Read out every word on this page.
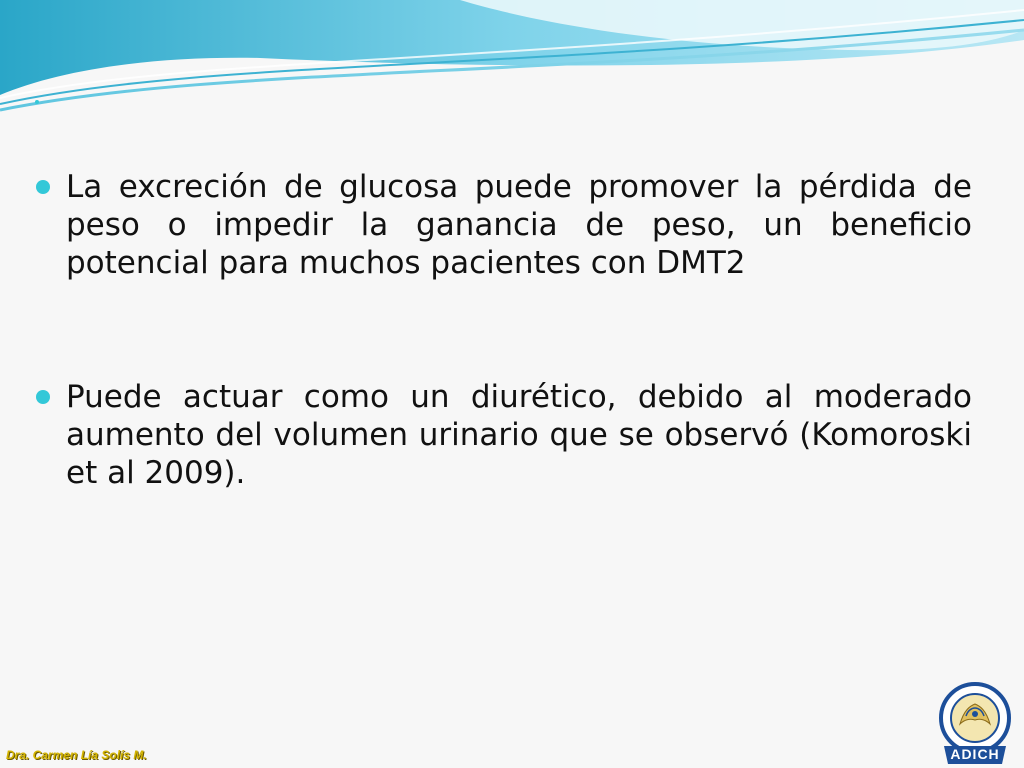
La excreción de glucosa puede promover la pérdida de peso o impedir la ganancia de peso, un beneficio potencial para muchos pacientes con DMT2
Puede actuar como un diurético, debido al moderado aumento del volumen urinario que se observó (Komoroski et al 2009).
Dra. Carmen Lía Solís M.	ADICH
